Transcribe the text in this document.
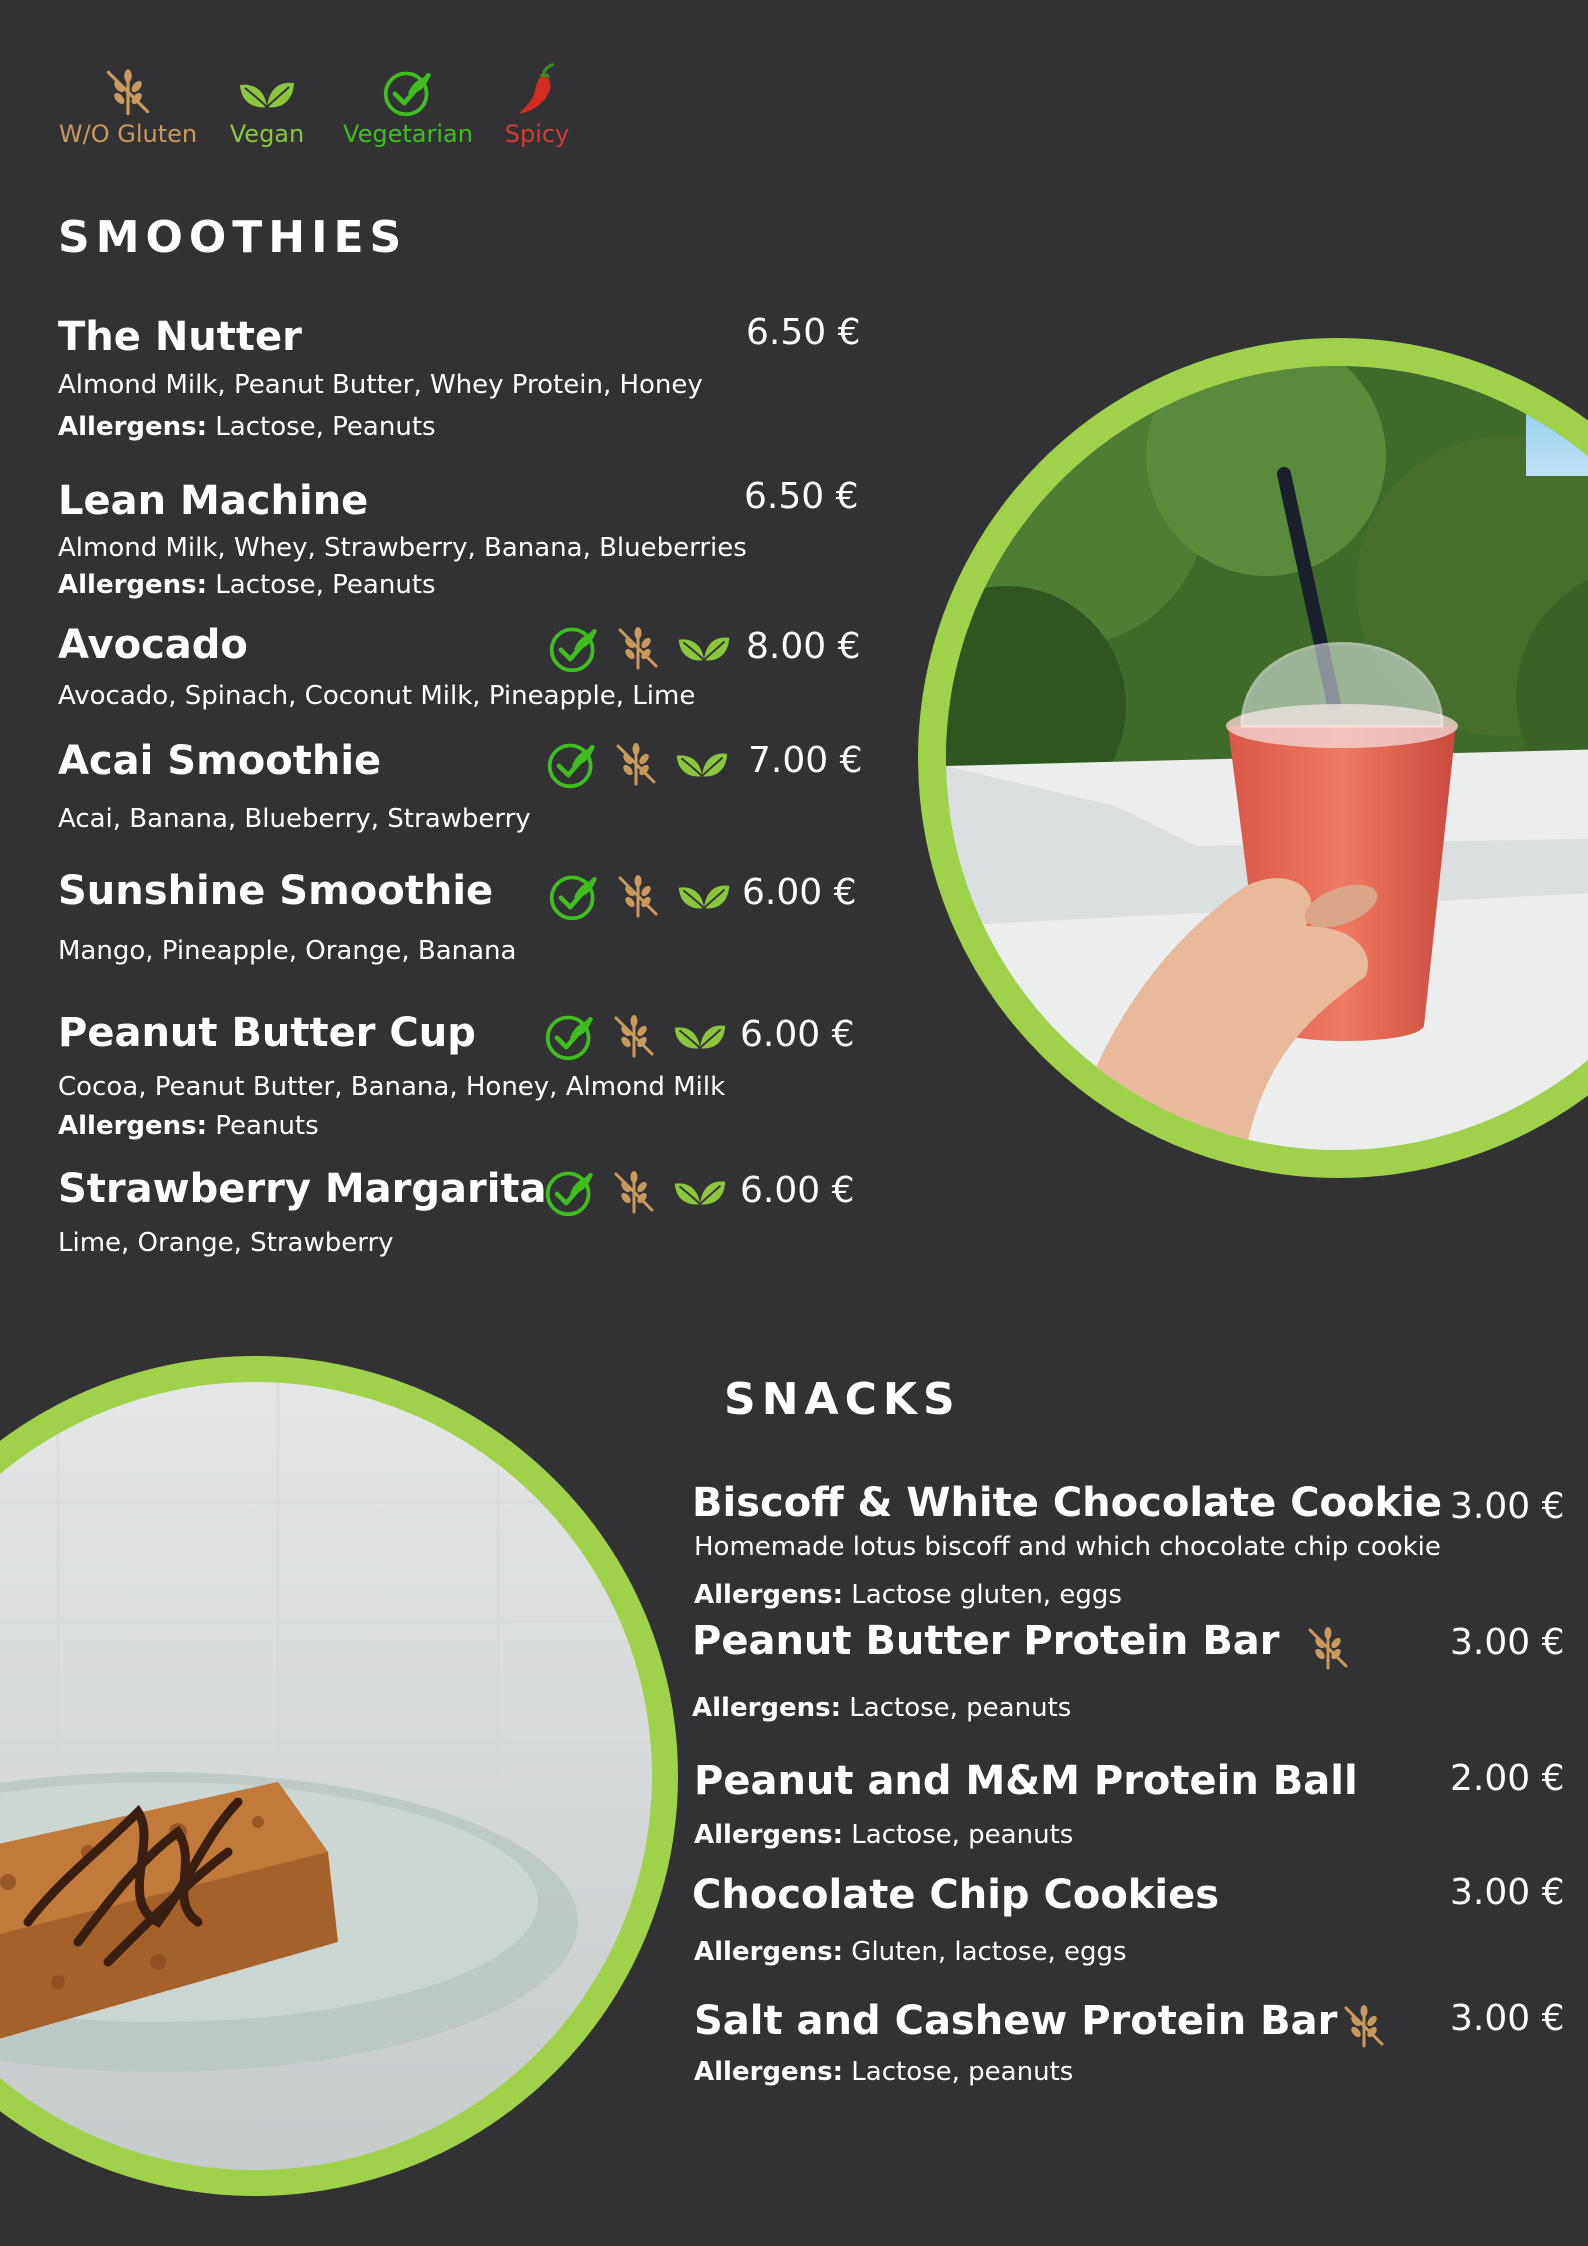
W/O Gluten	Vegan	Vegetarian Spicy
SMOOTHIES
The Nutter	6.50 €
Almond Milk, Peanut Butter, Whey Protein, Honey
Allergens: Lactose, Peanuts
Lean Machine	6.50 €
Almond Milk, Whey, Strawberry, Banana, Blueberries
Allergens: Lactose, Peanuts
Avocado	8.00 €
Avocado, Spinach, Coconut Milk, Pineapple, Lime
Acai Smoothie	7.00 €
Acai, Banana, Blueberry, Strawberry
Sunshine Smoothie	6.00 €
Mango, Pineapple, Orange, Banana
Peanut Butter Cup	6.00 €
Cocoa, Peanut Butter, Banana, Honey, Almond Milk
Allergens: Peanuts
Strawberry Margarita	6.00 €
Lime, Orange, Strawberry
SNACKS
Biscoff & White Chocolate Cookie 3.00 €
Homemade lotus biscoff and which chocolate chip cookie
Allergens: Lactose gluten, eggs
Peanut Butter Protein Bar	3.00 €
Allergens: Lactose, peanuts
Peanut and M&M Protein Ball	2.00 €
Allergens: Lactose, peanuts
Chocolate Chip Cookies	3.00 €
Allergens: Gluten, lactose, eggs
Salt and Cashew Protein Bar	3.00 €
Allergens: Lactose, peanuts
